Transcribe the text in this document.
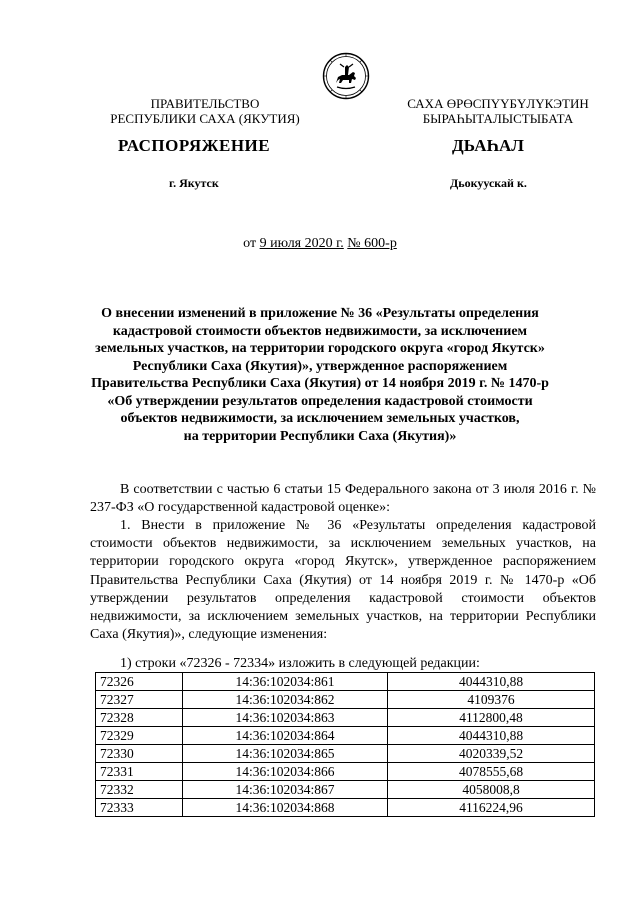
ПРАВИТЕЛЬСТВО
РЕСПУБЛИКИ САХА (ЯКУТИЯ)
САХА ӨРӨСПҮҮБҮЛҮКЭТИН
БЫРАҺЫТАЛЫСТЫБАТА
РАСПОРЯЖЕНИЕ	ДЬАҺАЛ
г. Якутск	Дьокуускай к.
от 9 июля 2020 г. № 600-р
О внесении изменений в приложение № 36 «Результаты определения
кадастровой стоимости объектов недвижимости, за исключением
земельных участков, на территории городского округа «город Якутск»
Республики Саха (Якутия)», утвержденное распоряжением
Правительства Республики Саха (Якутия) от 14 ноября 2019 г. № 1470-р
«Об утверждении результатов определения кадастровой стоимости
объектов недвижимости, за исключением земельных участков,
на территории Республики Саха (Якутия)»
В соответствии с частью 6 статьи 15 Федерального закона от 3 июля 2016 г. № 237-ФЗ «О государственной кадастровой оценке»:
1. Внести в приложение № 36 «Результаты определения кадастровой стоимости объектов недвижимости, за исключением земельных участков, на территории городского округа «город Якутск», утвержденное распоряжением Правительства Республики Саха (Якутия) от 14 ноября 2019 г. № 1470-р «Об утверждении результатов определения кадастровой стоимости объектов недвижимости, за исключением земельных участков, на территории Республики Саха (Якутия)», следующие изменения:
1) строки «72326 - 72334» изложить в следующей редакции:
72326	14:36:102034:861	4044310,88
72327	14:36:102034:862	4109376
72328	14:36:102034:863	4112800,48
72329	14:36:102034:864	4044310,88
72330	14:36:102034:865	4020339,52
72331	14:36:102034:866	4078555,68
72332	14:36:102034:867	4058008,8
72333	14:36:102034:868	4116224,96
